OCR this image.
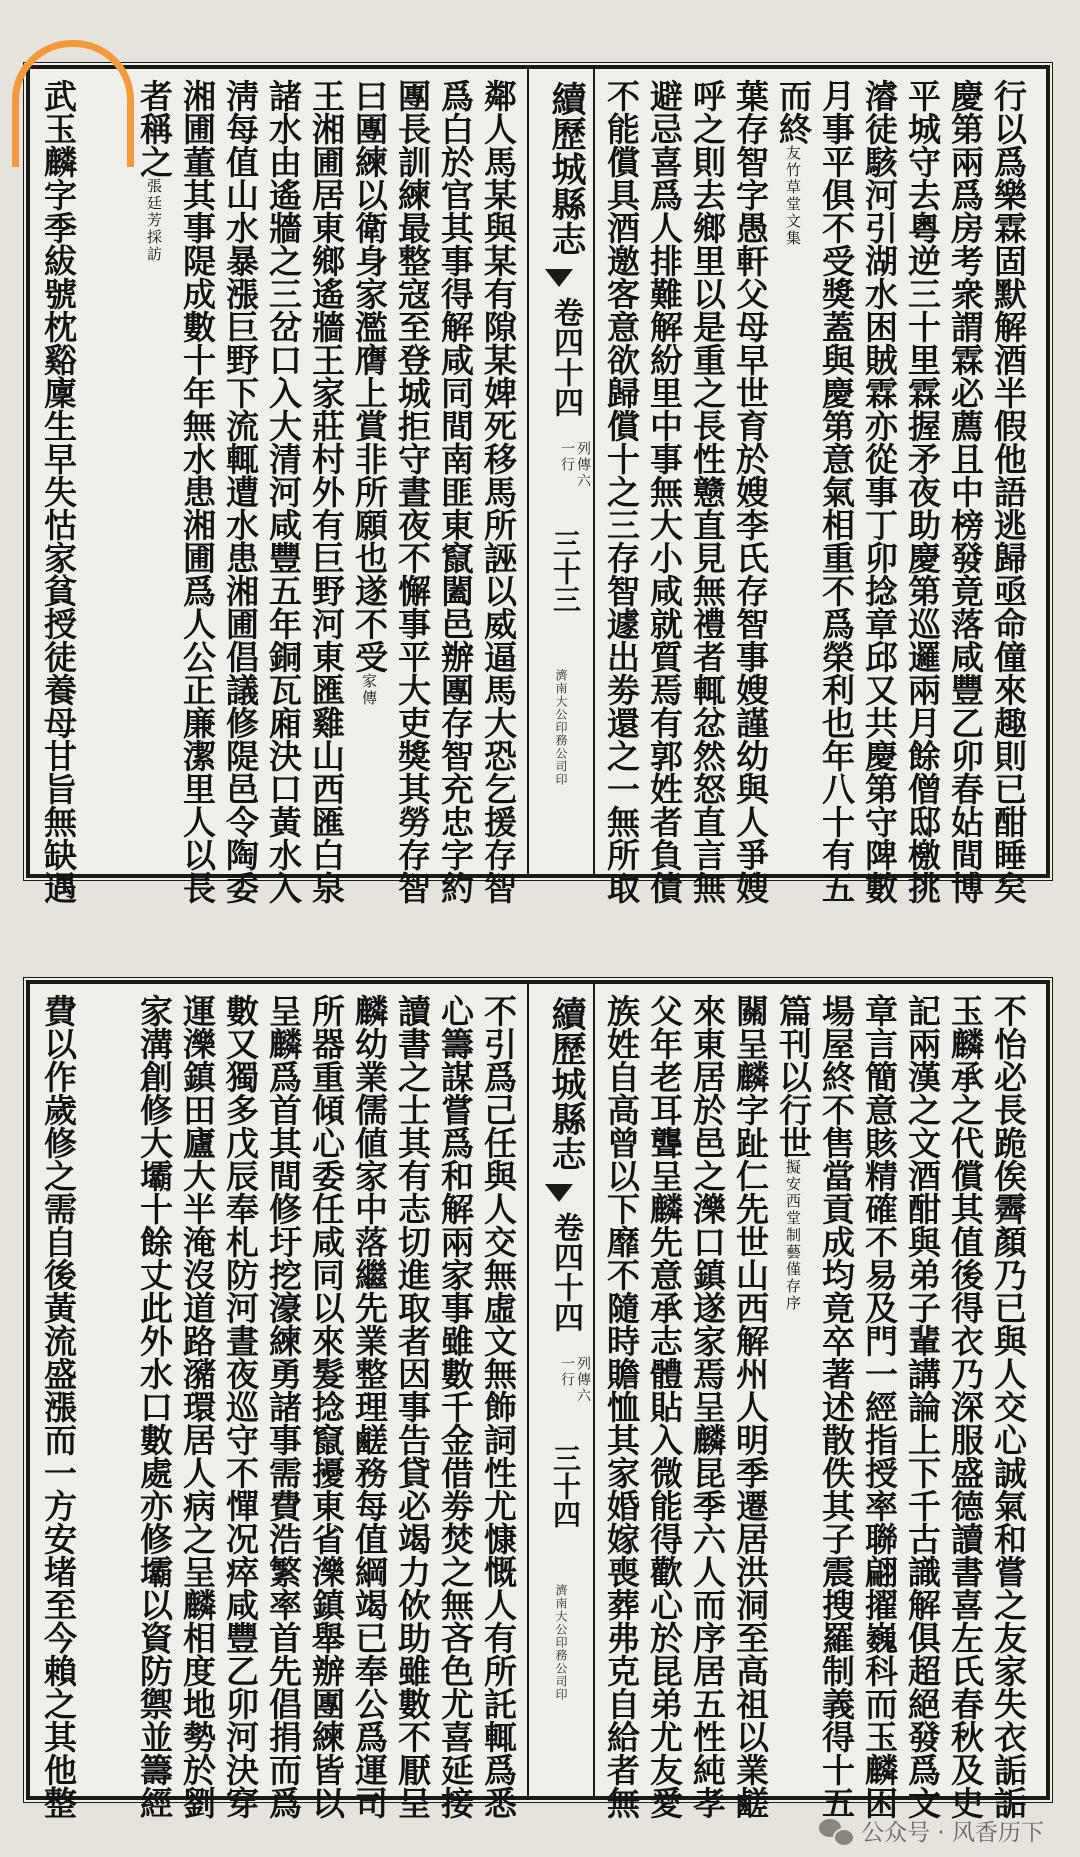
行以爲樂霖固默解酒半假他語逃歸亟命僮來趣則已酣睡矣
慶第兩爲房考衆謂霖必薦且中榜發竟落咸豐乙卯春㚲間博
平城守去粵逆三十里霖握矛夜助慶第巡邏兩月餘僧邸檄挑
濬徒駭河引湖水困賊霖亦從事丁卯捻章邱又共慶第守陴數
月事平俱不受獎蓋與慶第意氣相重不爲榮利也年八十有五
而終友竹草堂文集
葉存智字愚軒父母早世育於嫂李氏存智事嫂謹幼與人爭嫂
呼之則去鄉里以是重之長性戆直見無禮者輒忿然怒直言無
避忌喜爲人排難解紛里中事無大小咸就質焉有郭姓者負債
不能償具酒邀客意欲歸償十之三存智遽出劵還之一無所取
續歷城縣志
卷四十四
列傳六
一行
三十三
濟南大公印務公司印
鄰人馬某與某有隙某婢死移馬所誣以威逼馬大恐乞援存智
爲白於官其事得解咸同間南匪東竄闔邑辦團存智充忠字約
團長訓練最整寇至登城拒守晝夜不懈事平大吏獎其勞存智
曰團練以衛身家濫膺上賞非所願也遂不受家傳
王湘圃居東鄉遙牆王家莊村外有巨野河東匯雞山西匯白泉
諸水由遙牆之三岔口入大清河咸豐五年銅瓦廂決口黃水入
淸每值山水暴漲巨野下流輒遭水患湘圃倡議修隄邑令陶委
湘圃董其事隄成數十年無水患湘圃爲人公正廉潔里人以長
者稱之張廷芳採訪
武玉麟字季紱號枕谿廩生早失怙家貧授徒養母甘旨無缺遇
不怡必長跪俟霽顏乃已與人交心誠氣和嘗之友家失衣詬詬
玉麟承之代償其值後得衣乃深服盛德讀書喜左氏春秋及史
記兩漢之文酒酣與弟子輩講論上下千古識解俱超絕發爲文
章言簡意賅精確不易及門一經指授率聯翩擢巍科而玉麟困
場屋終不售當貢成均竟卒著述散佚其子震搜羅制義得十五
篇刊以行世擬安西堂制藝僅存序
關呈麟字趾仁先世山西解州人明季遷居洪洞至高祖以業鹺
來東居於邑之濼口鎮遂家焉呈麟昆季六人而序居五性純孝
父年老耳聾呈麟先意承志體貼入微能得歡心於昆弟尤友愛
族姓自高曾以下靡不隨時贍恤其家婚嫁喪葬弗克自給者無
續歷城縣志
卷四十四
列傳六
一行
三十四
濟南大公印務公司印
不引爲己任與人交無虛文無飾詞性尤慷慨人有所託輒爲悉
心籌謀嘗爲和解兩家事雖數千金借劵焚之無吝色尤喜延接
讀書之士其有志切進取者因事告貸必竭力佽助雖數不厭呈
麟幼業儒値家中落繼先業整理鹺務每值綱竭已奉公爲運司
所器重傾心委任咸同以來髮捻竄擾東省濼鎮舉辦團練皆以
呈麟爲首其間修圩挖濠練勇諸事需費浩繁率首先倡捐而爲
數又獨多戊辰奉札防河晝夜巡守不憚况瘁咸豐乙卯河決穿
運濼鎮田廬大半淹沒道路瀦環居人病之呈麟相度地勢於劉
家溝創修大壩十餘丈此外水口數處亦修壩以資防禦並籌經
費以作歲修之需自後黃流盛漲而一方安堵至今賴之其他整
公众号 · 风香历下
